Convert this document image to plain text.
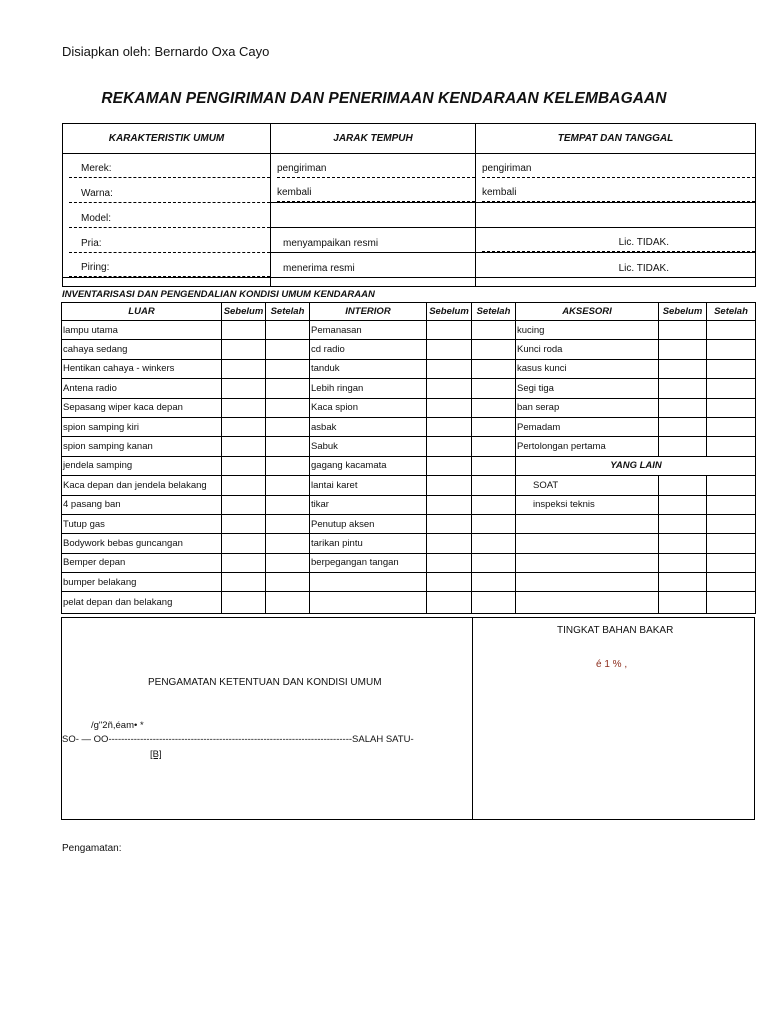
Disiapkan oleh: Bernardo Oxa Cayo
REKAMAN PENGIRIMAN DAN PENERIMAAN KENDARAAN KELEMBAGAAN
KARAKTERISTIK UMUM	JARAK TEMPUH	TEMPAT DAN TANGGAL

Merek:	pengiriman	pengiriman

Warna:	kembali	kembali

Model:		

Pria:	menyampaikan resmi	Lic. TIDAK.

Piring:	menerima resmi	Lic. TIDAK.

INVENTARISASI DAN PENGENDALIAN KONDISI UMUM KENDARAAN
LUAR	Sebelum	Setelah	INTERIOR	Sebelum	Setelah	AKSESORI	Sebelum	Setelah
lampu utama			Pemanasan			kucing		
cahaya sedang			cd radio			Kunci roda		
Hentikan cahaya - winkers			tanduk			kasus kunci		
Antena radio			Lebih ringan			Segi tiga		
Sepasang wiper kaca depan			Kaca spion			ban serap		
spion samping kiri			asbak			Pemadam		
spion samping kanan			Sabuk			Pertolongan pertama		
jendela samping			gagang kacamata			YANG LAIN		
Kaca depan dan jendela belakang			lantai karet			SOAT		
4 pasang ban			tikar			inspeksi teknis		
Tutup gas			Penutup aksen					
Bodywork bebas guncangan			tarikan pintu					
Bemper depan			berpegangan tangan					
bumper belakang								
pelat depan dan belakang								
PENGAMATAN KETENTUAN DAN KONDISI UMUM
/g"2ñ,éam• *
SO- — OO-----------------------------------------------------------------------------SALAH SATU-
[B]
TINGKAT BAHAN BAKAR
é 1 % ,
Pengamatan:
